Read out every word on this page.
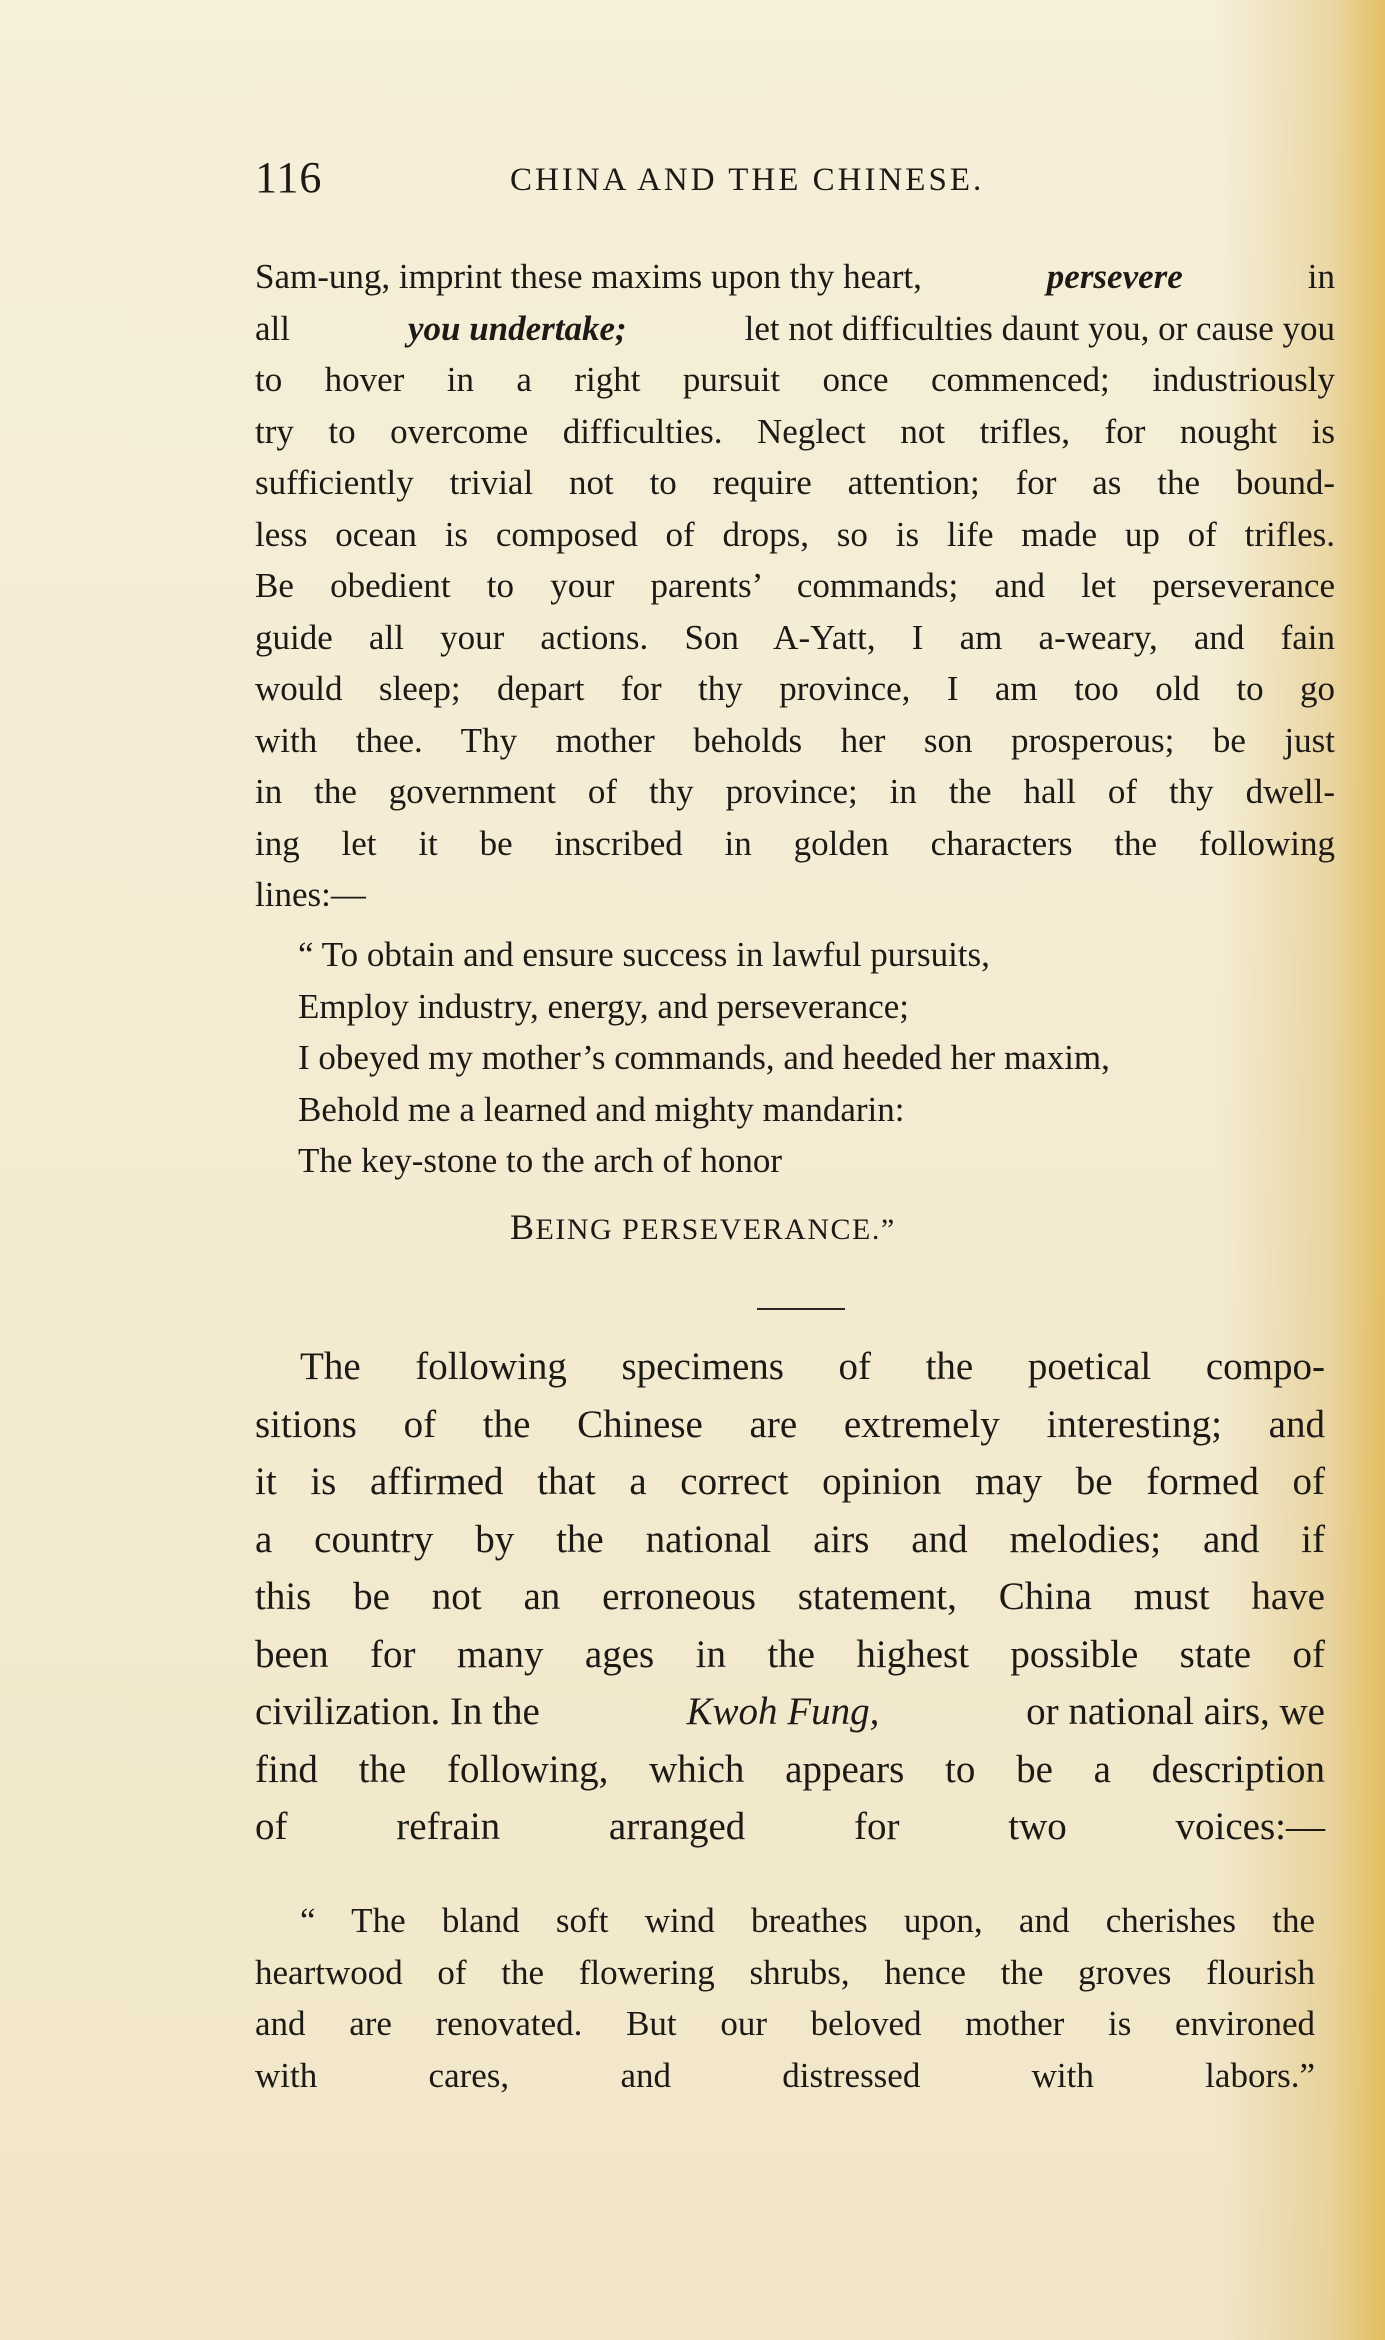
116	CHINA AND THE CHINESE.
Sam-ung, imprint these maxims upon thy heart,	persevere	in
all	you undertake;	let not difficulties daunt you, or cause you
to hover in a right pursuit once commenced; industriously
try to overcome difficulties. Neglect not trifles, for nought is
sufficiently trivial not to require attention; for as the bound-
less ocean is composed of drops, so is life made up of trifles.
Be obedient to your parents’ commands; and let perseverance
guide all your actions. Son A-Yatt, I am a-weary, and fain
would sleep; depart for thy province, I am too old to go
with thee. Thy mother beholds her son prosperous; be just
in the government of thy province; in the hall of thy dwell-
ing let it be inscribed in golden characters the following
lines:—
“ To obtain and ensure success in lawful pursuits,
Employ industry, energy, and perseverance;
I obeyed my mother’s commands, and heeded her maxim,
Behold me a learned and mighty mandarin:
The key-stone to the arch of honor
BEING PERSEVERANCE.”
The following specimens of the poetical compo-
sitions of the Chinese are extremely interesting; and
it is affirmed that a correct opinion may be formed of
a country by the national airs and melodies; and if
this be not an erroneous statement, China must have
been for many ages in the highest possible state of
civilization. In the	Kwoh Fung,	or national airs, we
find the following, which appears to be a description
of refrain arranged for two voices:—
“ The bland soft wind breathes upon, and cherishes the
heartwood of the flowering shrubs, hence the groves flourish
and are renovated. But our beloved mother is environed
with cares, and distressed with labors.”
